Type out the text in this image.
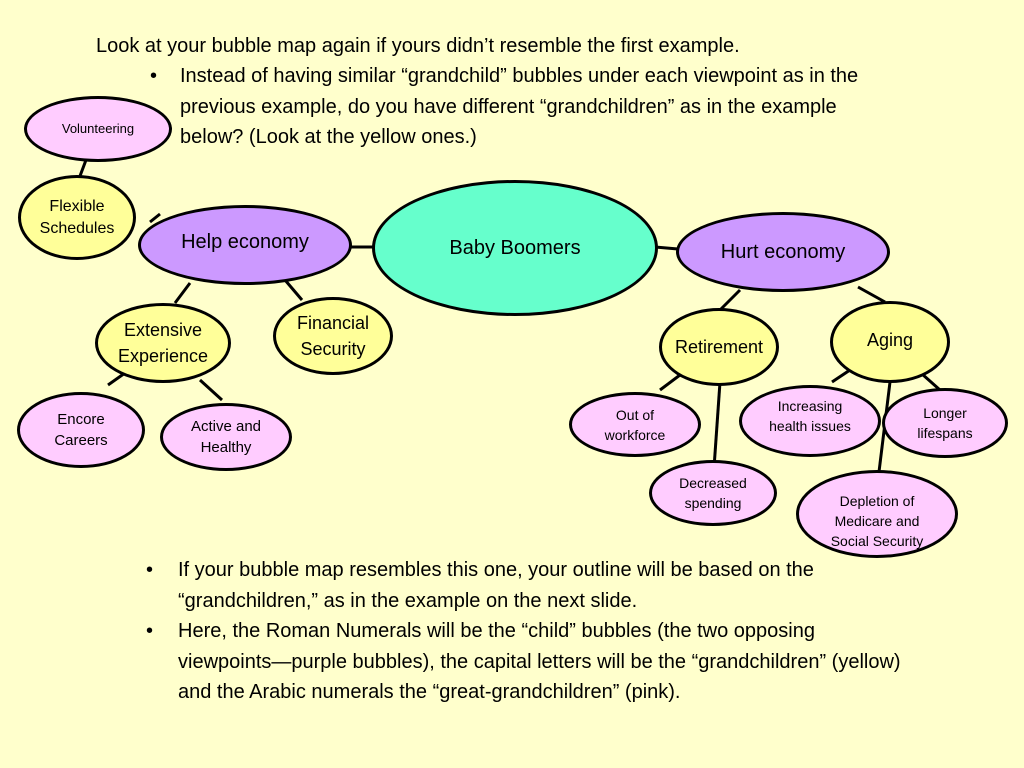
Look at your bubble map again if yours didn’t resemble the first example.
• Instead of having similar “grandchild” bubbles under each viewpoint as in the previous example, do you have different “grandchildren” as in the example below? (Look at the yellow ones.)
Baby Boomers
Help economy	Hurt economy
Flexible Schedules
Extensive Experience
Financial Security	Retirement	Aging
Volunteering
Encore Careers
Active and Healthy
Out of workforce
Decreased spending
Increasing health issues
Longer lifespans
Depletion of Medicare and Social Security
• If your bubble map resembles this one, your outline will be based on the “grandchildren,” as in the example on the next slide.
• Here, the Roman Numerals will be the “child” bubbles (the two opposing viewpoints—purple bubbles), the capital letters will be the “grandchildren” (yellow) and the Arabic numerals the “great-grandchildren” (pink).
